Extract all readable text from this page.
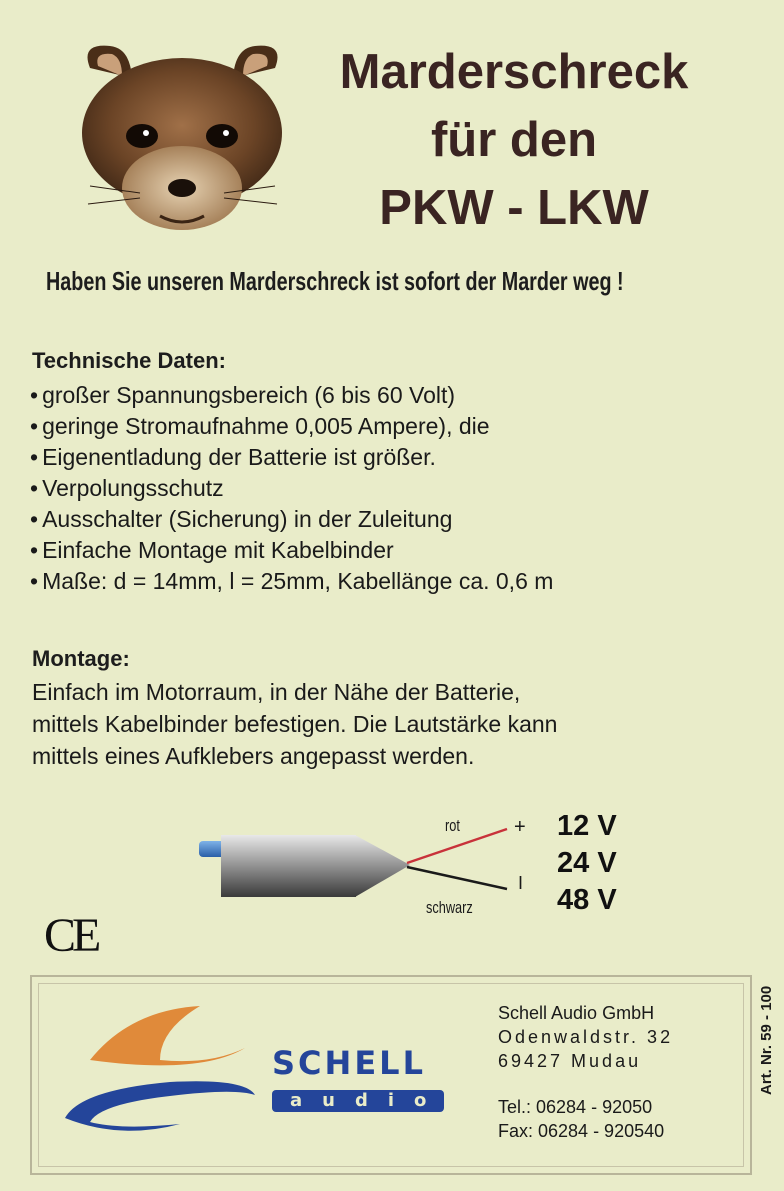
Marderschreck
für den
PKW - LKW
Haben Sie unseren Marderschreck ist sofort der Marder weg !
Technische Daten:
• großer Spannungsbereich (6 bis 60 Volt)
• geringe Stromaufnahme 0,005 Ampere), die
• Eigenentladung der Batterie ist größer.
• Verpolungsschutz
• Ausschalter (Sicherung) in der Zuleitung
• Einfache Montage mit Kabelbinder
• Maße: d = 14mm, l = 25mm, Kabellänge ca. 0,6 m
Montage:
Einfach im Motorraum, in der Nähe der Batterie,
mittels Kabelbinder befestigen. Die Lautstärke kann
mittels eines Aufklebers angepasst werden.
rot
schwarz
+
I
12 V
24 V
48 V
CE
SCHELL
audio
Schell Audio GmbH
Odenwaldstr. 32
69427 Mudau
Tel.: 06284 - 92050
Fax: 06284 - 920540
Art. Nr. 59 - 100
